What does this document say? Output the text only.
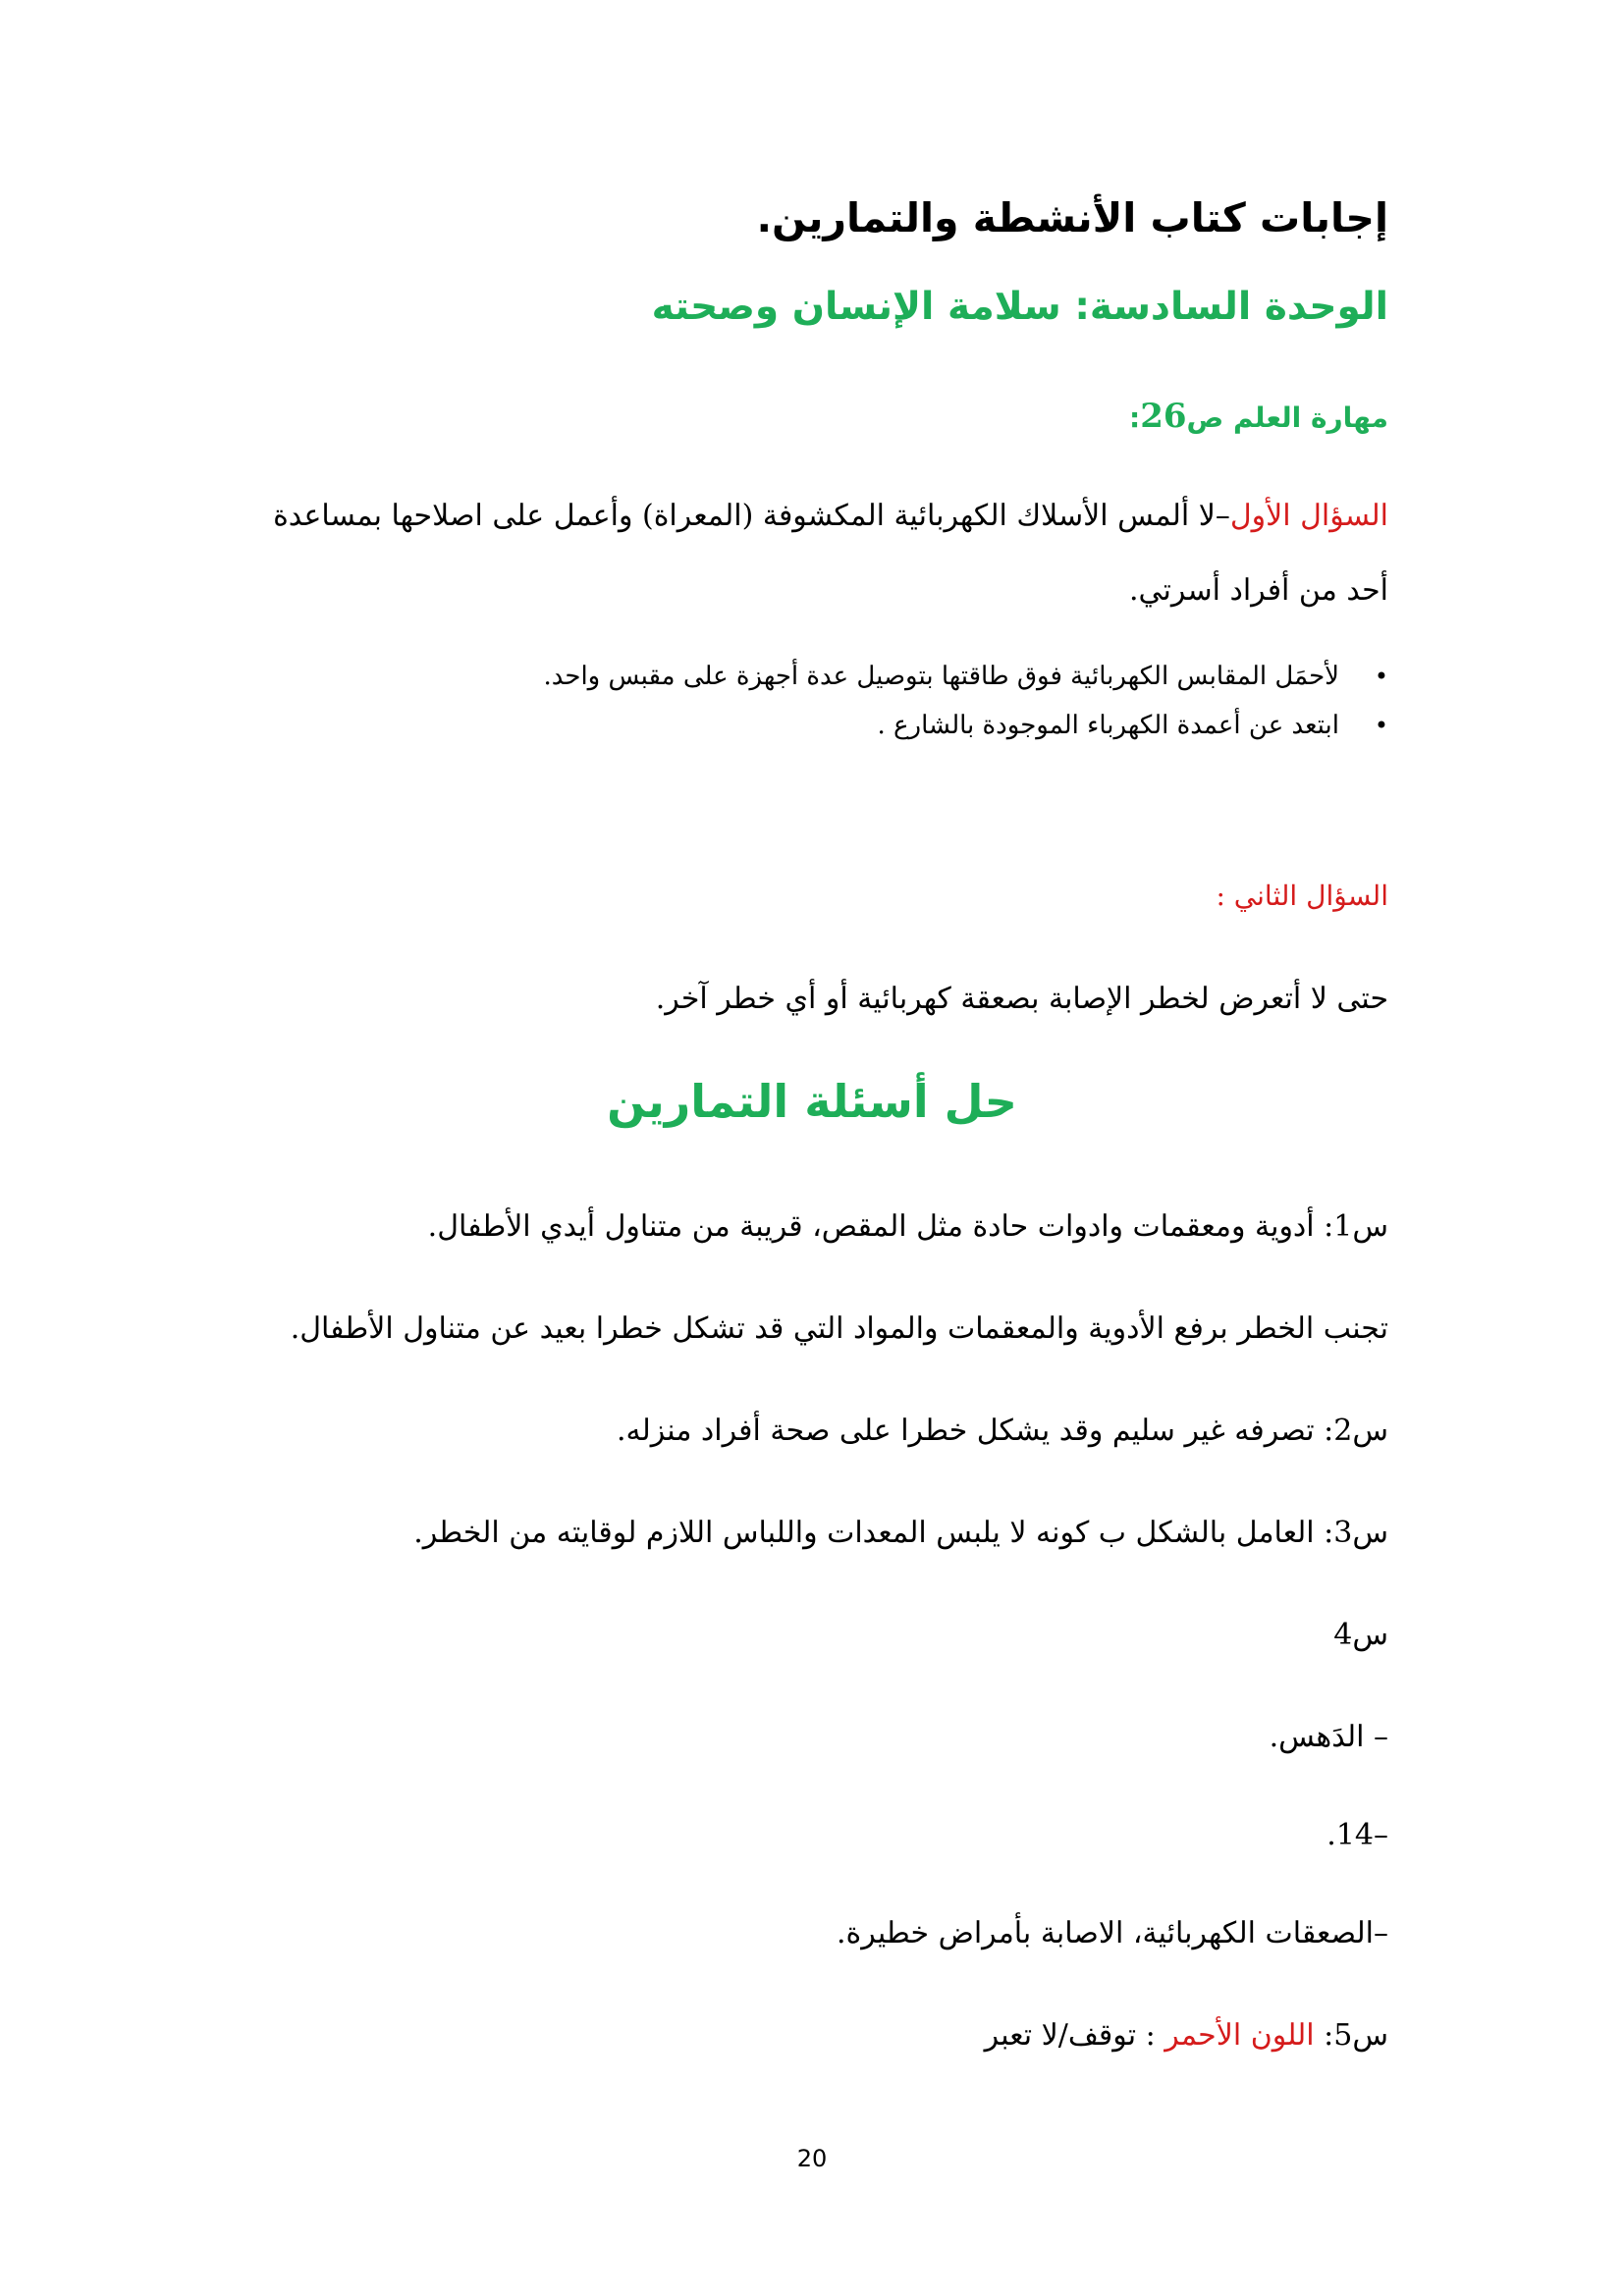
إجابات كتاب الأنشطة والتمارين.
الوحدة السادسة: سلامة الإنسان وصحته
مهارة العلم ص26:
السؤال الأول–لا ألمس الأسلاك الكهربائية المكشوفة (المعراة) وأعمل على اصلاحها بمساعدة
أحد من أفراد أسرتي.
•
لأحمَل المقابس الكهربائية فوق طاقتها بتوصيل عدة أجهزة على مقبس واحد.
•
ابتعد عن أعمدة الكهرباء الموجودة بالشارع .
السؤال الثاني :
حتى لا أتعرض لخطر الإصابة بصعقة كهربائية أو أي خطر آخر.
حل أسئلة التمارين
س1: أدوية ومعقمات وادوات حادة مثل المقص، قريبة من متناول أيدي الأطفال.
تجنب الخطر برفع الأدوية والمعقمات والمواد التي قد تشكل خطرا بعيد عن متناول الأطفال.
س2: تصرفه غير سليم وقد يشكل خطرا على صحة أفراد منزله.
س3: العامل بالشكل ب كونه لا يلبس المعدات واللباس اللازم لوقايته من الخطر.
س4
– الدَهس.
.14–
–الصعقات الكهربائية، الاصابة بأمراض خطيرة.
س5: اللون الأحمر : توقف/لا تعبر
20
